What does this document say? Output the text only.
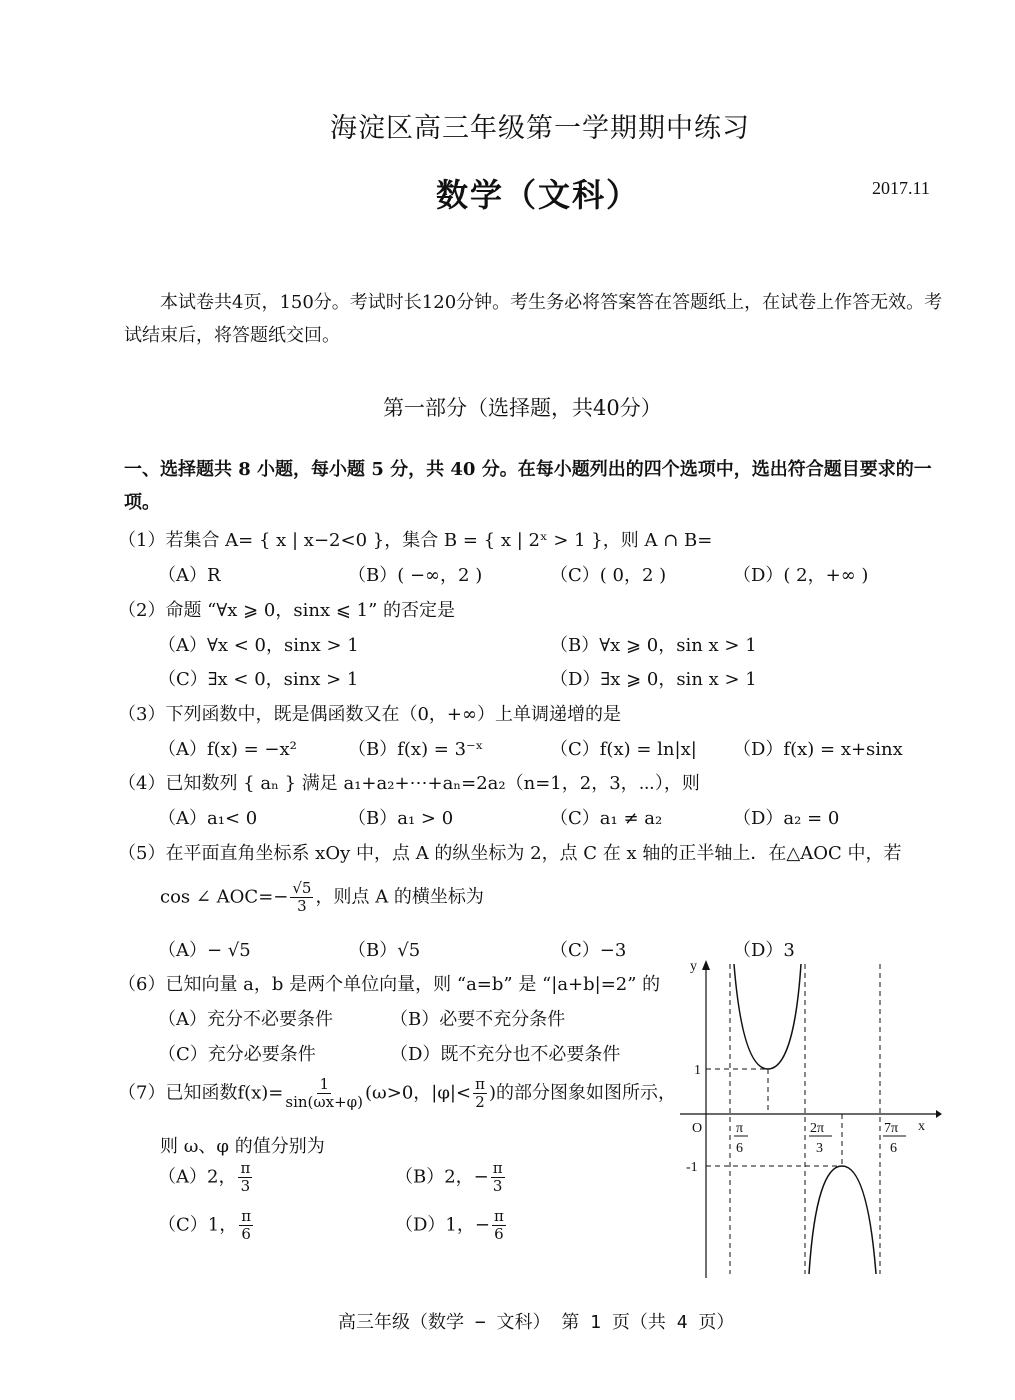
海淀区高三年级第一学期期中练习
数学（文科）	2017.11
本试卷共4页，150分。考试时长120分钟。考生务必将答案答在答题纸上，在试卷上作答无效。考试结束后，将答题纸交回。
第一部分（选择题，共40分）
一、选择题共 8 小题，每小题 5 分，共 40 分。在每小题列出的四个选项中，选出符合题目要求的一项。
（1）若集合 A= { x | x−2<0 }，集合 B = { x | 2ˣ > 1 }，则 A ∩ B=
（A）R	（B）( −∞，2 )	（C）( 0，2 )	（D）( 2，+∞ )
（2）命题 “∀x ⩾ 0，sinx ⩽ 1” 的否定是
（A）∀x < 0，sinx > 1	（B）∀x ⩾ 0，sin x > 1
（C）∃x < 0，sinx > 1	（D）∃x ⩾ 0，sin x > 1
（3）下列函数中，既是偶函数又在（0，+∞）上单调递增的是
（A）f(x) = −x²	（B）f(x) = 3⁻ˣ	（C）f(x) = ln|x| （D）f(x) = x+sinx
（4）已知数列 { aₙ } 满足 a₁+a₂+⋯+aₙ=2a₂（n=1，2，3，⋯），则
（A）a₁< 0	（B）a₁ > 0	（C）a₁ ≠ a₂	（D）a₂ = 0
（5）在平面直角坐标系 xOy 中，点 A 的纵坐标为 2，点 C 在 x 轴的正半轴上．在△AOC 中，若
cos ∠ $AOC=- \frac{√5}{3}$ ，则点 A 的横坐标为
（A）− √5	（B）√5	（C）−3	（D）3
（6）已知向量 a，b 是两个单位向量，则 “a=b” 是 “|a+b|=2” 的
（A）充分不必要条件	（B）必要不充分条件
（C）充分必要条件	（D）既不充分也不必要条件
（7）已知函数$f(x)= \frac{1}{\sin(\omega x+\varphi)} (\omega>0$，$|\varphi|< \frac{\pi}{2}$ )的部分图象如图所示，
则 ω、φ 的值分别为
（A）2， $\frac{\pi}{3}$	（B）2，− $\frac{\pi}{3}$
（C）1， $\frac{\pi}{6}$	（D）1，− $\frac{\pi}{6}$
y
x
O
1
-1
π
6
2π
3
7π
6
高三年级（数学 − 文科） 第 1 页（共 4 页）
